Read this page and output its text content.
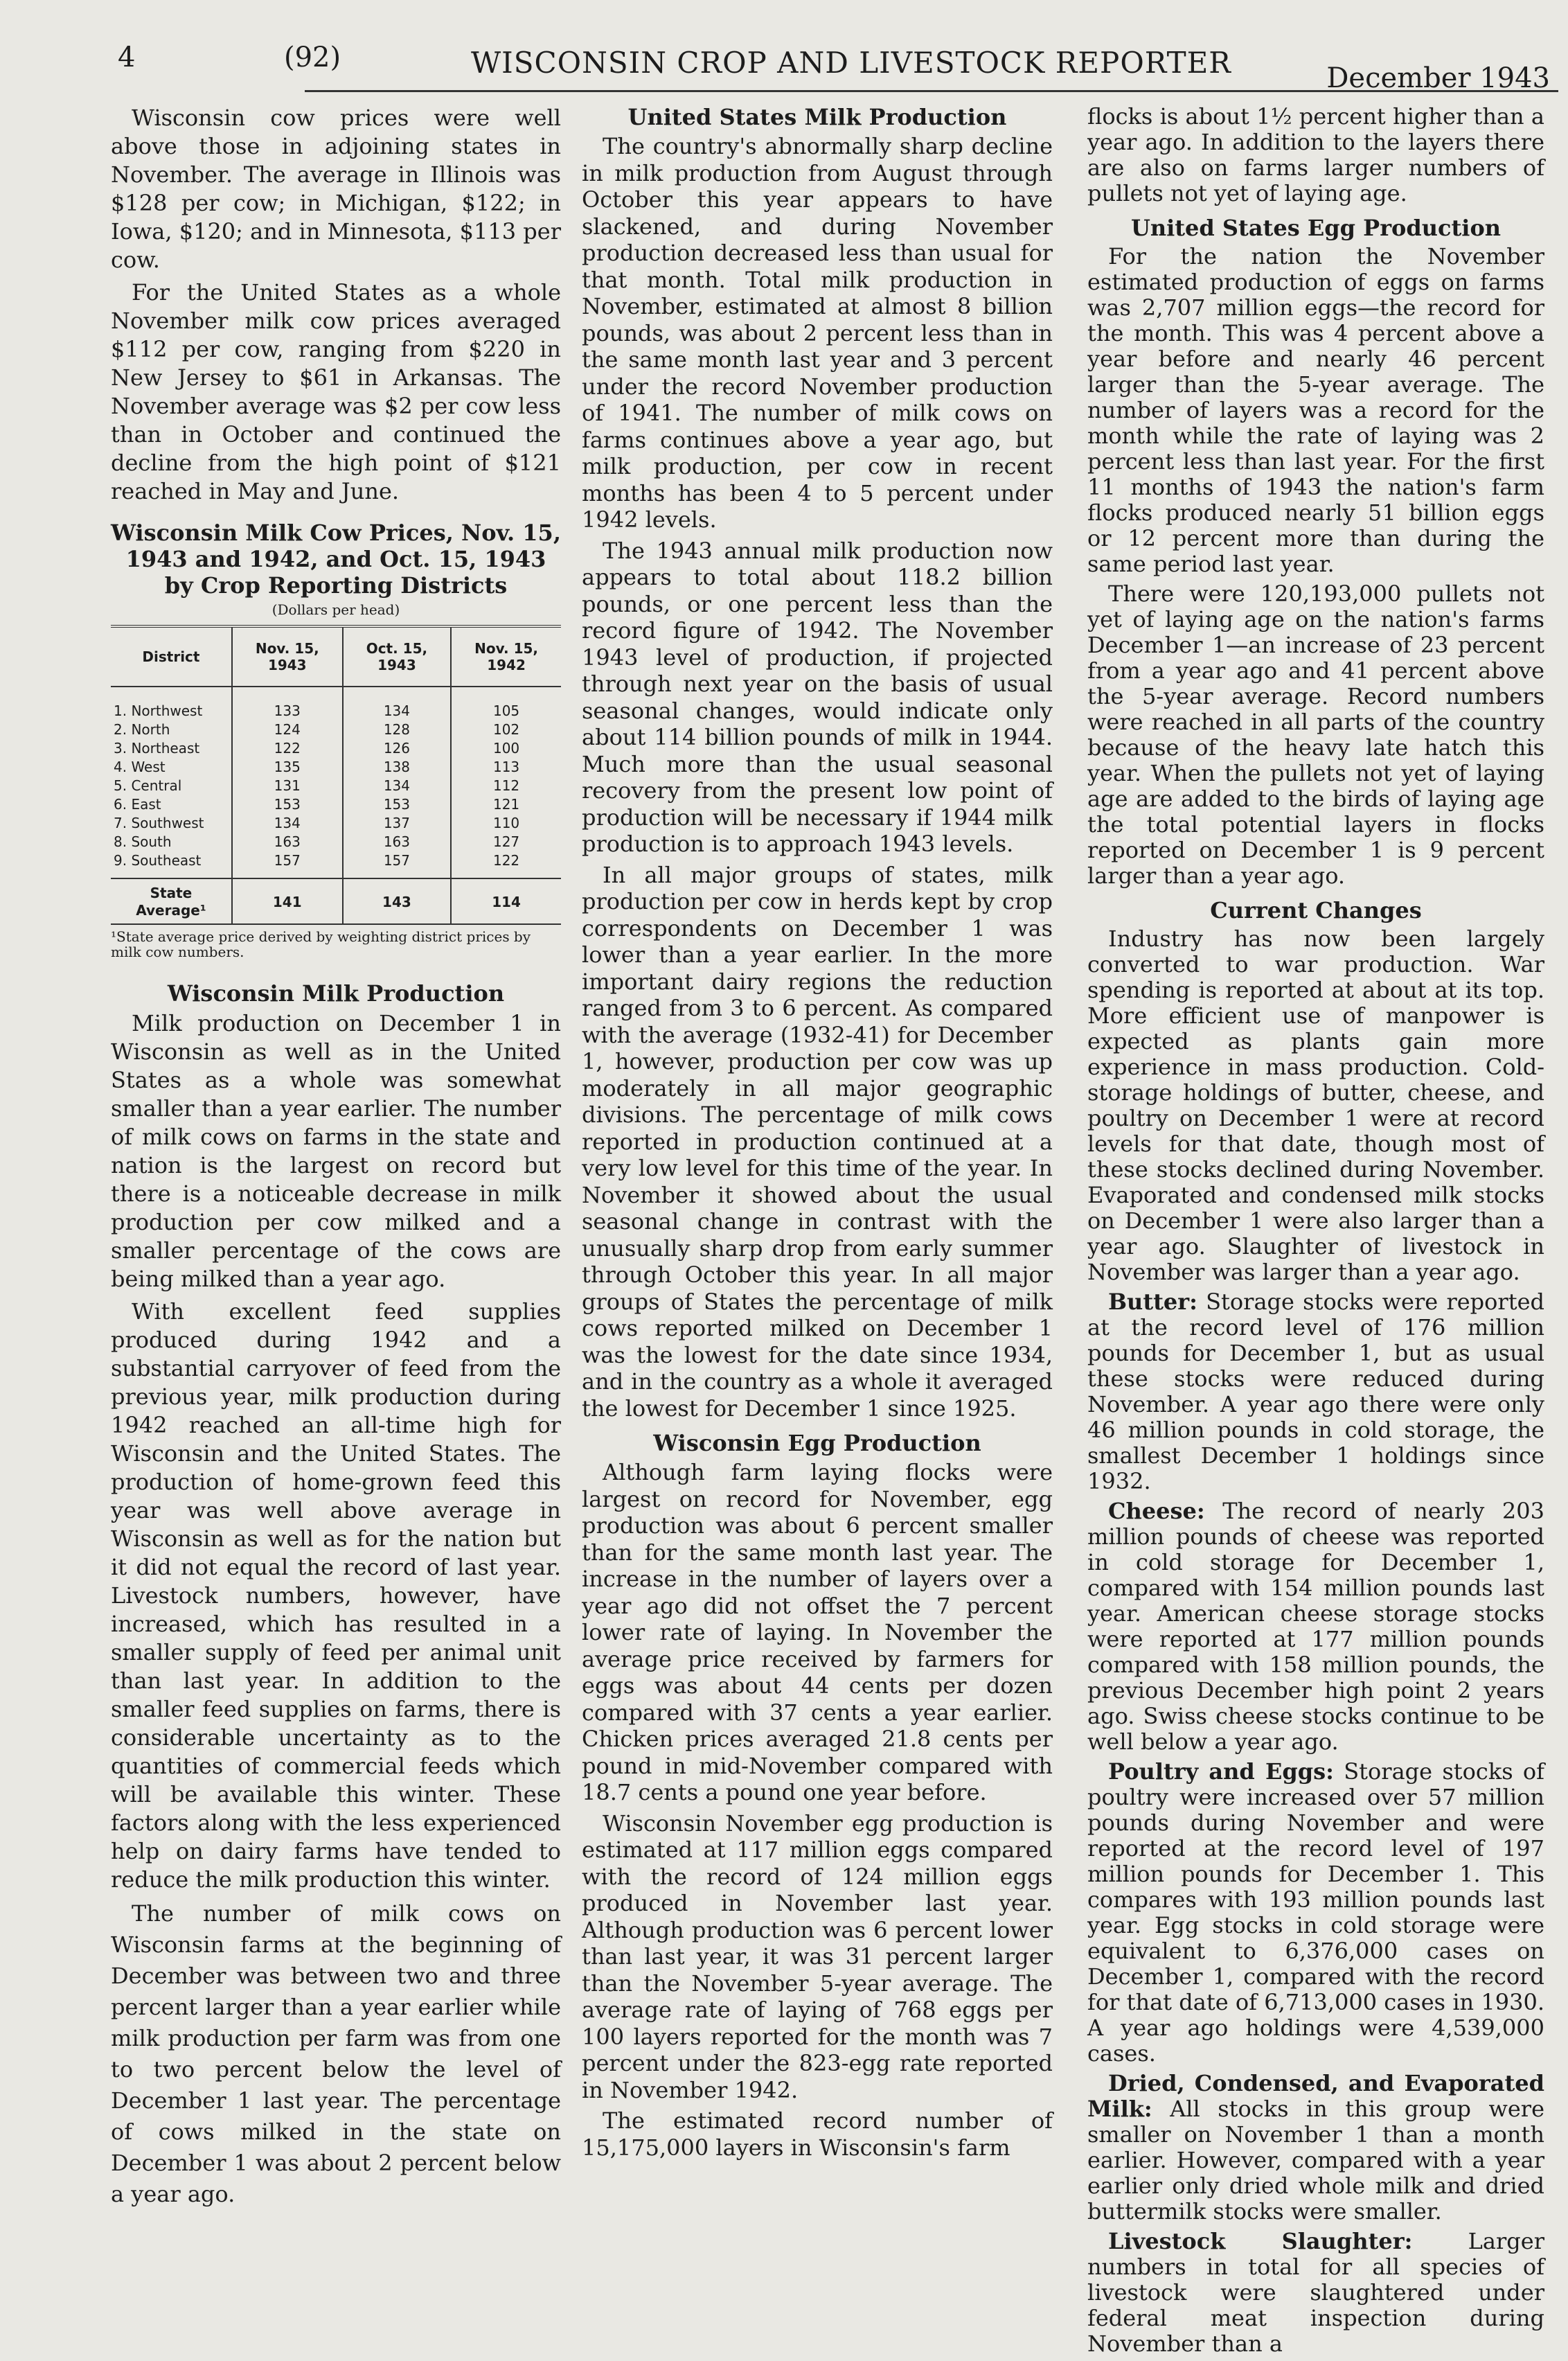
4	(92)	WISCONSIN CROP AND LIVESTOCK REPORTER	December 1943

Wisconsin cow prices were well above those in adjoining states in November. The average in Illinois was $128 per cow; in Michigan, $122; in Iowa, $120; and in Minnesota, $113 per cow.

For the United States as a whole November milk cow prices averaged $112 per cow, ranging from $220 in New Jersey to $61 in Arkansas. The November average was $2 per cow less than in October and continued the decline from the high point of $121 reached in May and June.

Wisconsin Milk Cow Prices, Nov. 15, 1943 and 1942, and Oct. 15, 1943 by Crop Reporting Districts
(Dollars per head)
District	Nov. 15, 1943	Oct. 15, 1943	Nov. 15, 1942
1. Northwest	133	134	105
2. North	124	128	102
3. Northeast	122	126	100
4. West	135	138	113
5. Central	131	134	112
6. East	153	153	121
7. Southwest	134	137	110
8. South	163	163	127
9. Southeast	157	157	122
State Average¹	141	143	114
¹State average price derived by weighting district prices by milk cow numbers.
Wisconsin Milk Production

Milk production on December 1 in Wisconsin as well as in the United States as a whole was somewhat smaller than a year earlier. The number of milk cows on farms in the state and nation is the largest on record but there is a noticeable decrease in milk production per cow milked and a smaller percentage of the cows are being milked than a year ago.

With excellent feed supplies produced during 1942 and a substantial carryover of feed from the previous year, milk production during 1942 reached an all-time high for Wisconsin and the United States. The production of home-grown feed this year was well above average in Wisconsin as well as for the nation but it did not equal the record of last year. Livestock numbers, however, have increased, which has resulted in a smaller supply of feed per animal unit than last year. In addition to the smaller feed supplies on farms, there is considerable uncertainty as to the quantities of commercial feeds which will be available this winter. These factors along with the less experienced help on dairy farms have tended to reduce the milk production this winter.

The number of milk cows on Wisconsin farms at the beginning of December was between two and three percent larger than a year earlier while milk production per farm was from one to two percent below the level of December 1 last year. The percentage of cows milked in the state on December 1 was about 2 percent below a year ago.

United States Milk Production

The country's abnormally sharp decline in milk production from August through October this year appears to have slackened, and during November production decreased less than usual for that month. Total milk production in November, estimated at almost 8 billion pounds, was about 2 percent less than in the same month last year and 3 percent under the record November production of 1941. The number of milk cows on farms continues above a year ago, but milk production, per cow in recent months has been 4 to 5 percent under 1942 levels.

The 1943 annual milk production now appears to total about 118.2 billion pounds, or one percent less than the record figure of 1942. The November 1943 level of production, if projected through next year on the basis of usual seasonal changes, would indicate only about 114 billion pounds of milk in 1944. Much more than the usual seasonal recovery from the present low point of production will be necessary if 1944 milk production is to approach 1943 levels.

In all major groups of states, milk production per cow in herds kept by crop correspondents on December 1 was lower than a year earlier. In the more important dairy regions the reduction ranged from 3 to 6 percent. As compared with the average (1932-41) for December 1, however, production per cow was up moderately in all major geographic divisions. The percentage of milk cows reported in production continued at a very low level for this time of the year. In November it showed about the usual seasonal change in contrast with the unusually sharp drop from early summer through October this year. In all major groups of States the percentage of milk cows reported milked on December 1 was the lowest for the date since 1934, and in the country as a whole it averaged the lowest for December 1 since 1925.

Wisconsin Egg Production

Although farm laying flocks were largest on record for November, egg production was about 6 percent smaller than for the same month last year. The increase in the number of layers over a year ago did not offset the 7 percent lower rate of laying. In November the average price received by farmers for eggs was about 44 cents per dozen compared with 37 cents a year earlier. Chicken prices averaged 21.8 cents per pound in mid-November compared with 18.7 cents a pound one year before.

Wisconsin November egg production is estimated at 117 million eggs compared with the record of 124 million eggs produced in November last year. Although production was 6 percent lower than last year, it was 31 percent larger than the November 5-year average. The average rate of laying of 768 eggs per 100 layers reported for the month was 7 percent under the 823-egg rate reported in November 1942.

The estimated record number of 15,175,000 layers in Wisconsin's farm

flocks is about 1½ percent higher than a year ago. In addition to the layers there are also on farms larger numbers of pullets not yet of laying age.

United States Egg Production

For the nation the November estimated production of eggs on farms was 2,707 million eggs—the record for the month. This was 4 percent above a year before and nearly 46 percent larger than the 5-year average. The number of layers was a record for the month while the rate of laying was 2 percent less than last year. For the first 11 months of 1943 the nation's farm flocks produced nearly 51 billion eggs or 12 percent more than during the same period last year.

There were 120,193,000 pullets not yet of laying age on the nation's farms December 1—an increase of 23 percent from a year ago and 41 percent above the 5-year average. Record numbers were reached in all parts of the country because of the heavy late hatch this year. When the pullets not yet of laying age are added to the birds of laying age the total potential layers in flocks reported on December 1 is 9 percent larger than a year ago.

Current Changes

Industry has now been largely converted to war production. War spending is reported at about at its top. More efficient use of manpower is expected as plants gain more experience in mass production. Cold-storage holdings of butter, cheese, and poultry on December 1 were at record levels for that date, though most of these stocks declined during November. Evaporated and condensed milk stocks on December 1 were also larger than a year ago. Slaughter of livestock in November was larger than a year ago.

Butter: Storage stocks were reported at the record level of 176 million pounds for December 1, but as usual these stocks were reduced during November. A year ago there were only 46 million pounds in cold storage, the smallest December 1 holdings since 1932.

Cheese: The record of nearly 203 million pounds of cheese was reported in cold storage for December 1, compared with 154 million pounds last year. American cheese storage stocks were reported at 177 million pounds compared with 158 million pounds, the previous December high point 2 years ago. Swiss cheese stocks continue to be well below a year ago.

Poultry and Eggs: Storage stocks of poultry were increased over 57 million pounds during November and were reported at the record level of 197 million pounds for December 1. This compares with 193 million pounds last year. Egg stocks in cold storage were equivalent to 6,376,000 cases on December 1, compared with the record for that date of 6,713,000 cases in 1930. A year ago holdings were 4,539,000 cases.

Dried, Condensed, and Evaporated Milk: All stocks in this group were smaller on November 1 than a month earlier. However, compared with a year earlier only dried whole milk and dried buttermilk stocks were smaller.

Livestock Slaughter: Larger numbers in total for all species of livestock were slaughtered under federal meat inspection during November than a
